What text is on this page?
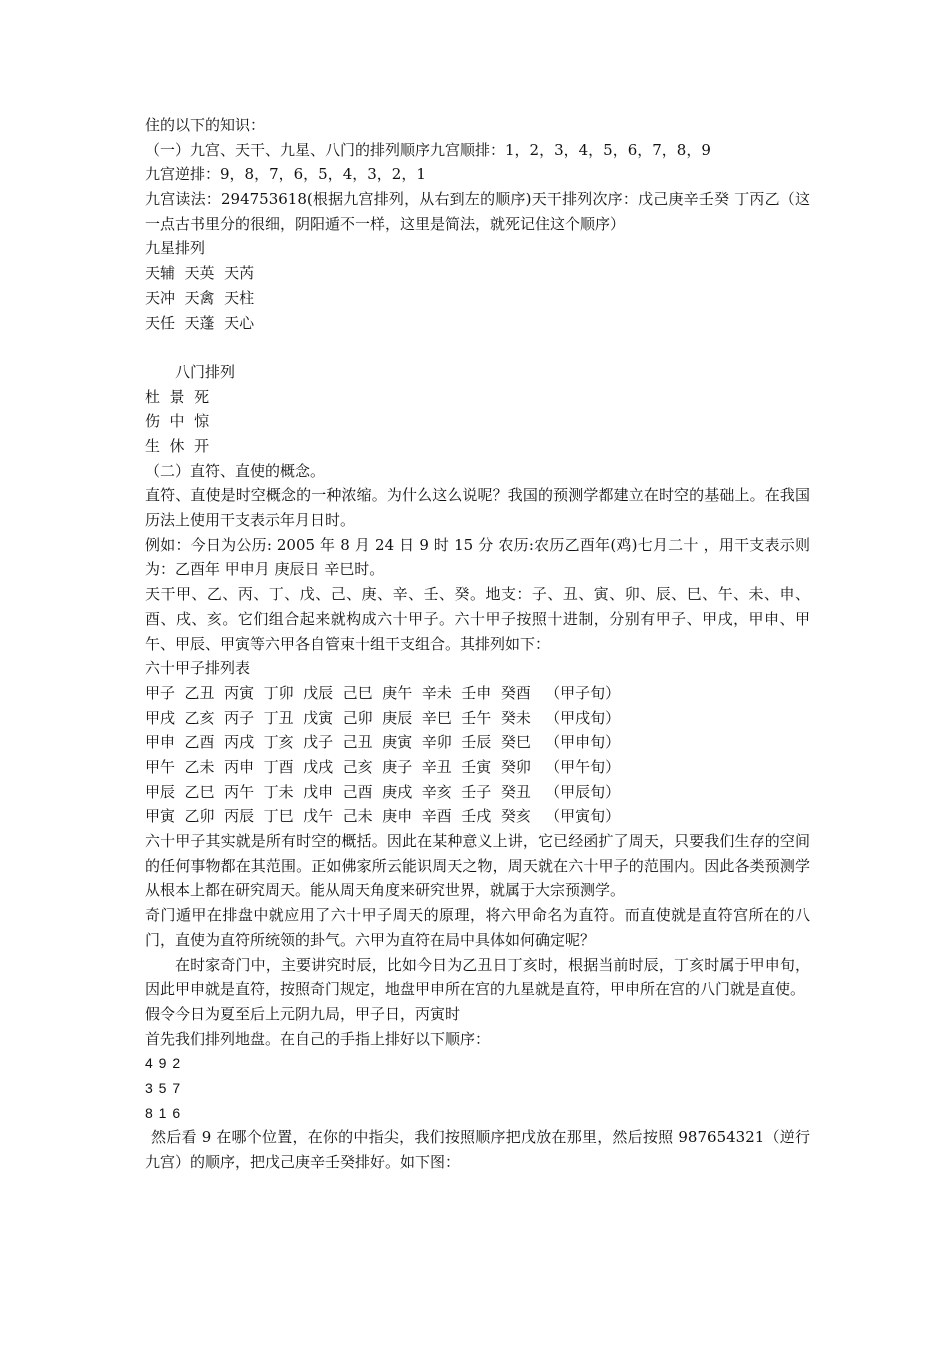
住的以下的知识：
（一）九宫、天干、九星、八门的排列顺序九宫顺排：1，2，3，4，5，6，7，8，9
九宫逆排：9，8，7，6，5，4，3，2，1
九宫读法：294753618(根据九宫排列，从右到左的顺序)天干排列次序：戊己庚辛壬癸 丁丙乙（这一点古书里分的很细，阴阳遁不一样，这里是简法，就死记住这个顺序）
九星排列
天辅  天英  天芮
天冲  天禽  天柱
天任  天蓬  天心
八门排列
杜  景  死
伤  中  惊
生  休  开
（二）直符、直使的概念。
直符、直使是时空概念的一种浓缩。为什么这么说呢？我国的预测学都建立在时空的基础上。在我国历法上使用干支表示年月日时。
例如：今日为公历: 2005 年 8 月 24 日 9 时 15 分 农历:农历乙酉年(鸡)七月二十 ，用干支表示则为：乙酉年 甲申月 庚辰日 辛巳时。
天干甲、乙、丙、丁、戊、己、庚、辛、壬、癸。地支：子、丑、寅、卯、辰、巳、午、未、申、酉、戌、亥。它们组合起来就构成六十甲子。六十甲子按照十进制，分别有甲子、甲戌，甲申、甲午、甲辰、甲寅等六甲各自管束十组干支组合。其排列如下：
六十甲子排列表
甲子  乙丑  丙寅  丁卯  戊辰  己巳  庚午  辛未  壬申  癸酉   （甲子旬）
甲戌  乙亥  丙子  丁丑  戊寅  己卯  庚辰  辛巳  壬午  癸未   （甲戌旬）
甲申  乙酉  丙戌  丁亥  戊子  己丑  庚寅  辛卯  壬辰  癸巳   （甲申旬）
甲午  乙未  丙申  丁酉  戊戌  己亥  庚子  辛丑  壬寅  癸卯   （甲午旬）
甲辰  乙巳  丙午  丁未  戊申  己酉  庚戌  辛亥  壬子  癸丑   （甲辰旬）
甲寅  乙卯  丙辰  丁巳  戊午  己未  庚申  辛酉  壬戌  癸亥   （甲寅旬）
六十甲子其实就是所有时空的概括。因此在某种意义上讲，它已经函扩了周天，只要我们生存的空间的任何事物都在其范围。正如佛家所云能识周天之物，周天就在六十甲子的范围内。因此各类预测学从根本上都在研究周天。能从周天角度来研究世界，就属于大宗预测学。
奇门遁甲在排盘中就应用了六十甲子周天的原理，将六甲命名为直符。而直使就是直符宫所在的八门，直使为直符所统领的卦气。六甲为直符在局中具体如何确定呢？
在时家奇门中，主要讲究时辰，比如今日为乙丑日丁亥时，根据当前时辰，丁亥时属于甲申旬，因此甲申就是直符，按照奇门规定，地盘甲申所在宫的九星就是直符，甲申所在宫的八门就是直使。
假令今日为夏至后上元阴九局，甲子日，丙寅时
首先我们排列地盘。在自己的手指上排好以下顺序：
4 9 2
3 5 7
8 1 6
然后看 9 在哪个位置，在你的中指尖，我们按照顺序把戊放在那里，然后按照 987654321（逆行九宫）的顺序，把戊己庚辛壬癸排好。如下图：
